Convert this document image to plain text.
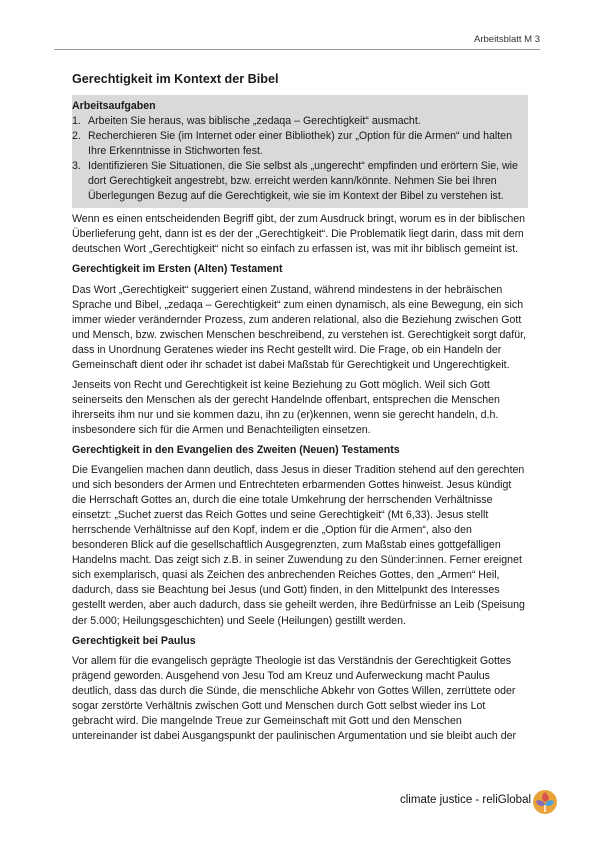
Arbeitsblatt M 3
Gerechtigkeit im Kontext der Bibel
Arbeitsaufgaben
1. Arbeiten Sie heraus, was biblische „zedaqa – Gerechtigkeit“ ausmacht.
2. Recherchieren Sie (im Internet oder einer Bibliothek) zur „Option für die Armen“ und halten Ihre Erkenntnisse in Stichworten fest.
3. Identifizieren Sie Situationen, die Sie selbst als „ungerecht“ empfinden und erörtern Sie, wie dort Gerechtigkeit angestrebt, bzw. erreicht werden kann/könnte. Nehmen Sie bei Ihren Überlegungen Bezug auf die Gerechtigkeit, wie sie im Kontext der Bibel zu verstehen ist.

Wenn es einen entscheidenden Begriff gibt, der zum Ausdruck bringt, worum es in der biblischen Überlieferung geht, dann ist es der der „Gerechtigkeit“. Die Problematik liegt darin, dass mit dem deutschen Wort „Gerechtigkeit“ nicht so einfach zu erfassen ist, was mit ihr biblisch gemeint ist.

Gerechtigkeit im Ersten (Alten) Testament

Das Wort „Gerechtigkeit“ suggeriert einen Zustand, während mindestens in der hebräischen Sprache und Bibel, „zedaqa – Gerechtigkeit“ zum einen dynamisch, als eine Bewegung, ein sich immer wieder verändernder Prozess, zum anderen relational, also die Beziehung zwischen Gott und Mensch, bzw. zwischen Menschen beschreibend, zu verstehen ist. Gerechtigkeit sorgt dafür, dass in Unordnung Geratenes wieder ins Recht gestellt wird. Die Frage, ob ein Handeln der Gemeinschaft dient oder ihr schadet ist dabei Maßstab für Gerechtigkeit und Ungerechtigkeit.

Jenseits von Recht und Gerechtigkeit ist keine Beziehung zu Gott möglich. Weil sich Gott seinerseits den Menschen als der gerecht Handelnde offenbart, entsprechen die Menschen ihrerseits ihm nur und sie kommen dazu, ihn zu (er)kennen, wenn sie gerecht handeln, d.h. insbesondere sich für die Armen und Benachteiligten einsetzen.

Gerechtigkeit in den Evangelien des Zweiten (Neuen) Testaments

Die Evangelien machen dann deutlich, dass Jesus in dieser Tradition stehend auf den gerechten und sich besonders der Armen und Entrechteten erbarmenden Gottes hinweist. Jesus kündigt die Herrschaft Gottes an, durch die eine totale Umkehrung der herrschenden Verhältnisse einsetzt: „Suchet zuerst das Reich Gottes und seine Gerechtigkeit“ (Mt 6,33). Jesus stellt herrschende Verhältnisse auf den Kopf, indem er die „Option für die Armen“, also den besonderen Blick auf die gesellschaftlich Ausgegrenzten, zum Maßstab eines gottgefälligen Handelns macht. Das zeigt sich z.B. in seiner Zuwendung zu den Sünder:innen. Ferner ereignet sich exemplarisch, quasi als Zeichen des anbrechenden Reiches Gottes, den „Armen“ Heil, dadurch, dass sie Beachtung bei Jesus (und Gott) finden, in den Mittelpunkt des Interesses gestellt werden, aber auch dadurch, dass sie geheilt werden, ihre Bedürfnisse an Leib (Speisung der 5.000; Heilungsgeschichten) und Seele (Heilungen) gestillt werden.

Gerechtigkeit bei Paulus

Vor allem für die evangelisch geprägte Theologie ist das Verständnis der Gerechtigkeit Gottes prägend geworden. Ausgehend von Jesu Tod am Kreuz und Auferweckung macht Paulus deutlich, dass das durch die Sünde, die menschliche Abkehr von Gottes Willen, zerrüttete oder sogar zerstörte Verhältnis zwischen Gott und Menschen durch Gott selbst wieder ins Lot gebracht wird. Die mangelnde Treue zur Gemeinschaft mit Gott und den Menschen untereinander ist dabei Ausgangspunkt der paulinischen Argumentation und sie bleibt auch der

climate justice - reliGlobal
